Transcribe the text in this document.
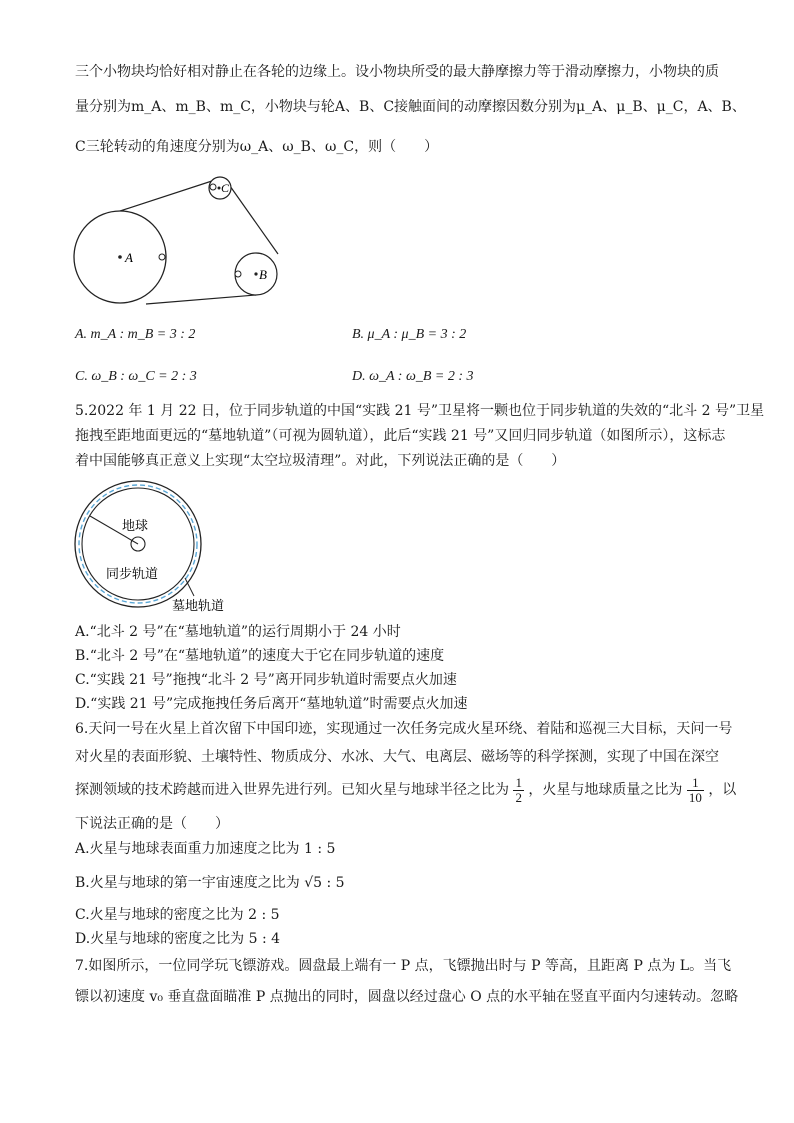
三个小物块均恰好相对静止在各轮的边缘上。设小物块所受的最大静摩擦力等于滑动摩擦力，小物块的质
量分别为m_A、m_B、m_C，小物块与轮A、B、C接触面间的动摩擦因数分别为μ_A、μ_B、μ_C，A、B、
C三轮转动的角速度分别为ω_A、ω_B、ω_C，则（　　）
A
C
B
A. m_A : m_B = 3 : 2	B. μ_A : μ_B = 3 : 2
C. ω_B : ω_C = 2 : 3	D. ω_A : ω_B = 2 : 3
5.2022 年 1 月 22 日，位于同步轨道的中国“实践 21 号”卫星将一颗也位于同步轨道的失效的“北斗 2 号”卫星
拖拽至距地面更远的“墓地轨道”（可视为圆轨道），此后“实践 21 号”又回归同步轨道（如图所示），这标志
着中国能够真正意义上实现“太空垃圾清理”。对此，下列说法正确的是（　　）
地球
同步轨道
墓地轨道
A.“北斗 2 号”在“墓地轨道”的运行周期小于 24 小时
B.“北斗 2 号”在“墓地轨道”的速度大于它在同步轨道的速度
C.“实践 21 号”拖拽“北斗 2 号”离开同步轨道时需要点火加速
D.“实践 21 号”完成拖拽任务后离开“墓地轨道”时需要点火加速
6.天问一号在火星上首次留下中国印迹，实现通过一次任务完成火星环绕、着陆和巡视三大目标，天问一号
对火星的表面形貌、土壤特性、物质成分、水冰、大气、电离层、磁场等的科学探测，实现了中国在深空
探测领域的技术跨越而进入世界先进行列。已知火星与地球半径之比为 $\frac{1}{2}$ ，火星与地球质量之比为 $\frac{1}{10}$ ，以
下说法正确的是（　　）
A.火星与地球表面重力加速度之比为 1 : 5
B.火星与地球的第一宇宙速度之比为 √5 : 5
C.火星与地球的密度之比为 2 : 5
D.火星与地球的密度之比为 5 : 4
7.如图所示，一位同学玩飞镖游戏。圆盘最上端有一 P 点，飞镖抛出时与 P 等高，且距离 P 点为 L。当飞
镖以初速度 v₀ 垂直盘面瞄准 P 点抛出的同时，圆盘以经过盘心 O 点的水平轴在竖直平面内匀速转动。忽略
